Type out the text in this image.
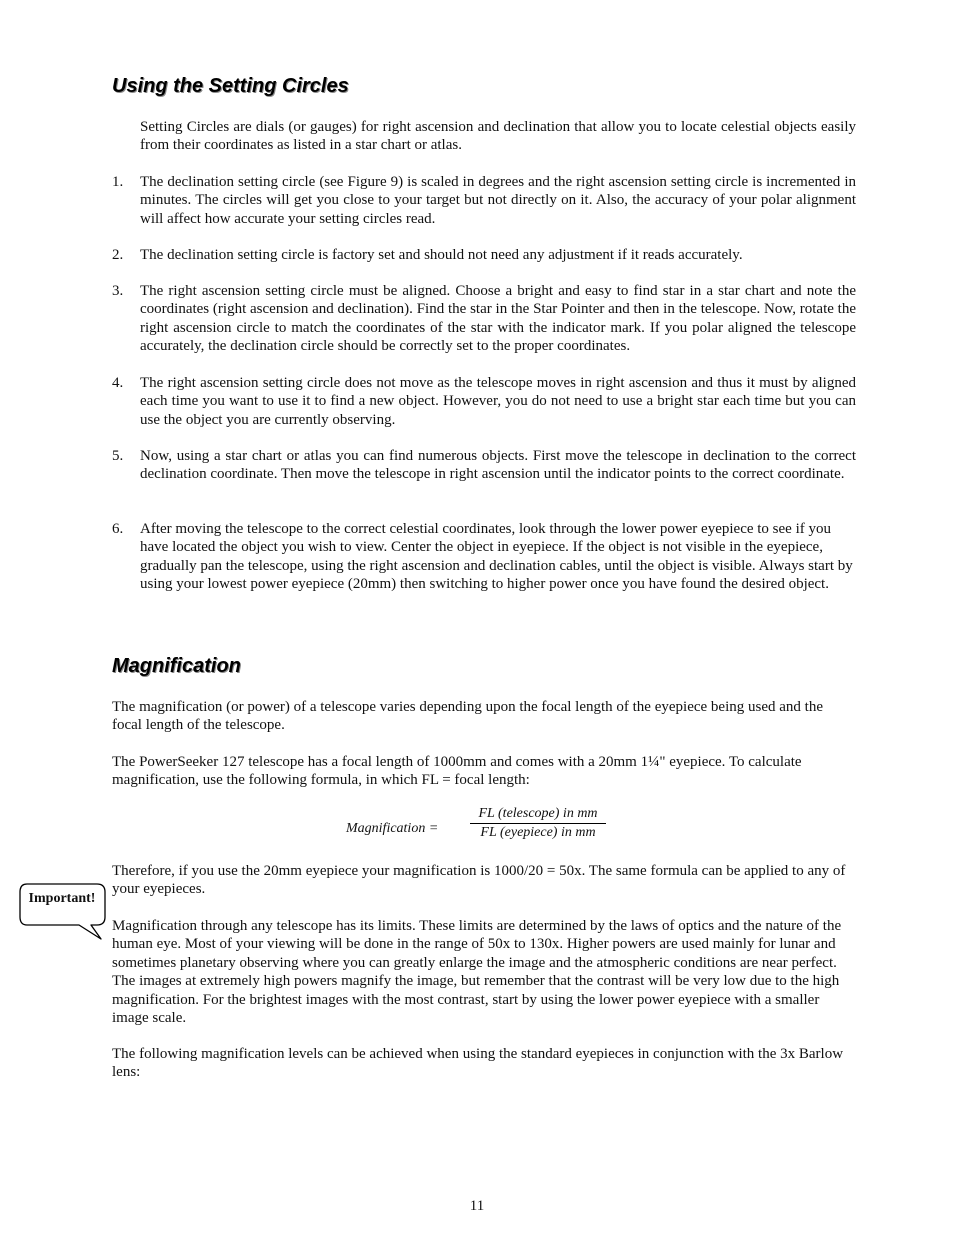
Using the Setting Circles

Setting Circles are dials (or gauges) for right ascension and declination that allow you to locate celestial objects easily from their coordinates as listed in a star chart or atlas.

1. The declination setting circle (see Figure 9) is scaled in degrees and the right ascension setting circle is incremented in minutes. The circles will get you close to your target but not directly on it. Also, the accuracy of your polar alignment will affect how accurate your setting circles read.

2. The declination setting circle is factory set and should not need any adjustment if it reads accurately.

3. The right ascension setting circle must be aligned. Choose a bright and easy to find star in a star chart and note the coordinates (right ascension and declination). Find the star in the Star Pointer and then in the telescope. Now, rotate the right ascension circle to match the coordinates of the star with the indicator mark. If you polar aligned the telescope accurately, the declination circle should be correctly set to the proper coordinates.

4. The right ascension setting circle does not move as the telescope moves in right ascension and thus it must by aligned each time you want to use it to find a new object. However, you do not need to use a bright star each time but you can use the object you are currently observing.

5. Now, using a star chart or atlas you can find numerous objects. First move the telescope in declination to the correct declination coordinate. Then move the telescope in right ascension until the indicator points to the correct coordinate.

6. After moving the telescope to the correct celestial coordinates, look through the lower power eyepiece to see if you have located the object you wish to view. Center the object in eyepiece. If the object is not visible in the eyepiece, gradually pan the telescope, using the right ascension and declination cables, until the object is visible. Always start by using your lowest power eyepiece (20mm) then switching to higher power once you have found the desired object.

Magnification

The magnification (or power) of a telescope varies depending upon the focal length of the eyepiece being used and the focal length of the telescope.

The PowerSeeker 127 telescope has a focal length of 1000mm and comes with a 20mm 1¼" eyepiece. To calculate magnification, use the following formula, in which FL = focal length:

Magnification =
FL (telescope) in mm
FL (eyepiece) in mm

Therefore, if you use the 20mm eyepiece your magnification is 1000/20 = 50x. The same formula can be applied to any of your eyepieces.

Magnification through any telescope has its limits. These limits are determined by the laws of optics and the nature of the human eye. Most of your viewing will be done in the range of 50x to 130x. Higher powers are used mainly for lunar and sometimes planetary observing where you can greatly enlarge the image and the atmospheric conditions are near perfect. The images at extremely high powers magnify the image, but remember that the contrast will be very low due to the high magnification. For the brightest images with the most contrast, start by using the lower power eyepiece with a smaller image scale.

The following magnification levels can be achieved when using the standard eyepieces in conjunction with the 3x Barlow lens:

Important!
11
